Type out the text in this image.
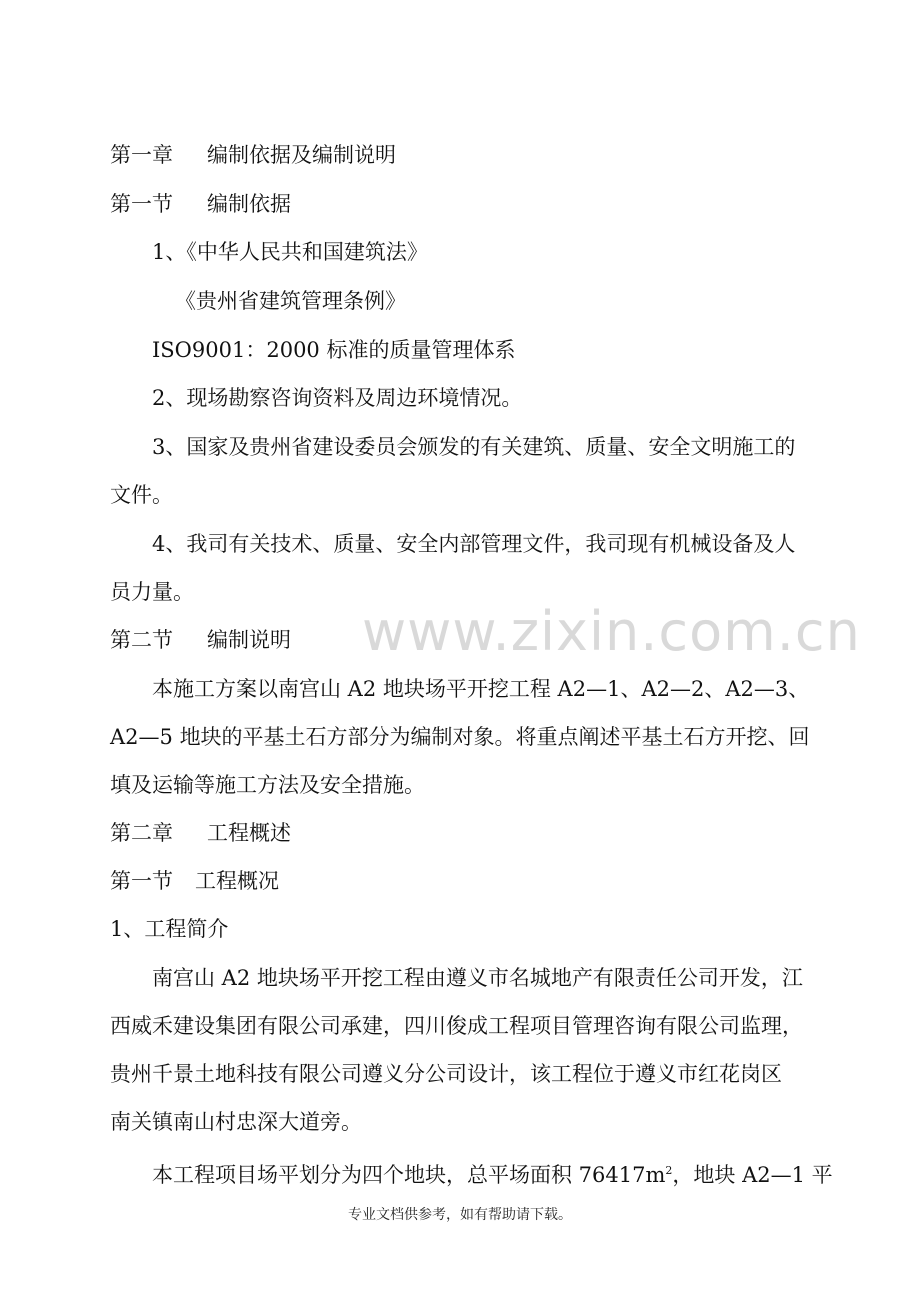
第一章 编制依据及编制说明
第一节 编制依据
1、《中华人民共和国建筑法》
《贵州省建筑管理条例》
ISO9001：2000 标准的质量管理体系
2、现场勘察咨询资料及周边环境情况。
3、国家及贵州省建设委员会颁发的有关建筑、质量、安全文明施工的
文件。
4、我司有关技术、质量、安全内部管理文件，我司现有机械设备及人
员力量。
第二节 编制说明
本施工方案以南宫山 A2 地块场平开挖工程 A2—1、A2—2、A2—3、
A2—5 地块的平基土石方部分为编制对象。将重点阐述平基土石方开挖、回
填及运输等施工方法及安全措施。
第二章 工程概述
第一节 工程概况
1、工程简介
南宫山 A2 地块场平开挖工程由遵义市名城地产有限责任公司开发，江
西威禾建设集团有限公司承建，四川俊成工程项目管理咨询有限公司监理，
贵州千景土地科技有限公司遵义分公司设计，该工程位于遵义市红花岗区
南关镇南山村忠深大道旁。
本工程项目场平划分为四个地块，总平场面积 $76417m^2$，地块 A2—1 平
www.zixin.com.cn
专业文档供参考，如有帮助请下载。
